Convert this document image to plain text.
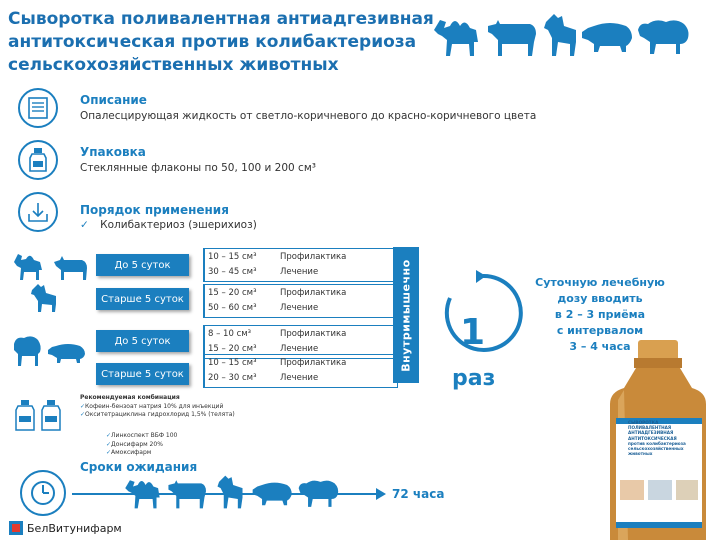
Сыворотка поливалентная антиадгезивная
антитоксическая против колибактериоза
сельскохозяйственных животных
Описание
Опалесцирующая жидкость от светло-коричневого до красно-коричневого цвета
Упаковка
Стеклянные флаконы по 50, 100 и 200 см³
Порядок применения
✓ Колибактериоз (эшерихиоз)
До 5 суток
10 – 15 см³	Профилактика
30 – 45 см³	Лечение
Старше 5 суток
15 – 20 см³	Профилактика
50 – 60 см³	Лечение
До 5 суток
8 – 10 см³	Профилактика
15 – 20 см³	Лечение
Старше 5 суток
10 – 15 см³	Профилактика
20 – 30 см³	Лечение
Внутримышечно 1
раз
Суточную лечебную
дозу вводить
в 2 – 3 приёма
с интервалом
3 – 4 часа
СЫВОРОТКА ПОЛИВАЛЕНТНАЯ
АНТИАДГЕЗИВНАЯ
АНТИТОКСИЧЕСКАЯ
против колибактериоза
сельскохозяйственных животных
Рекомендуемая комбинация
✓Кофеин-бензоат натрия 10% для инъекций
✓Окситетрациклина гидрохлорид 1,5% (телята)
✓Линкоспект ВБФ 100
✓Донсифарм 20%
✓Амоксифарм
Сроки ожидания
72 часа
БелВитунифарм
